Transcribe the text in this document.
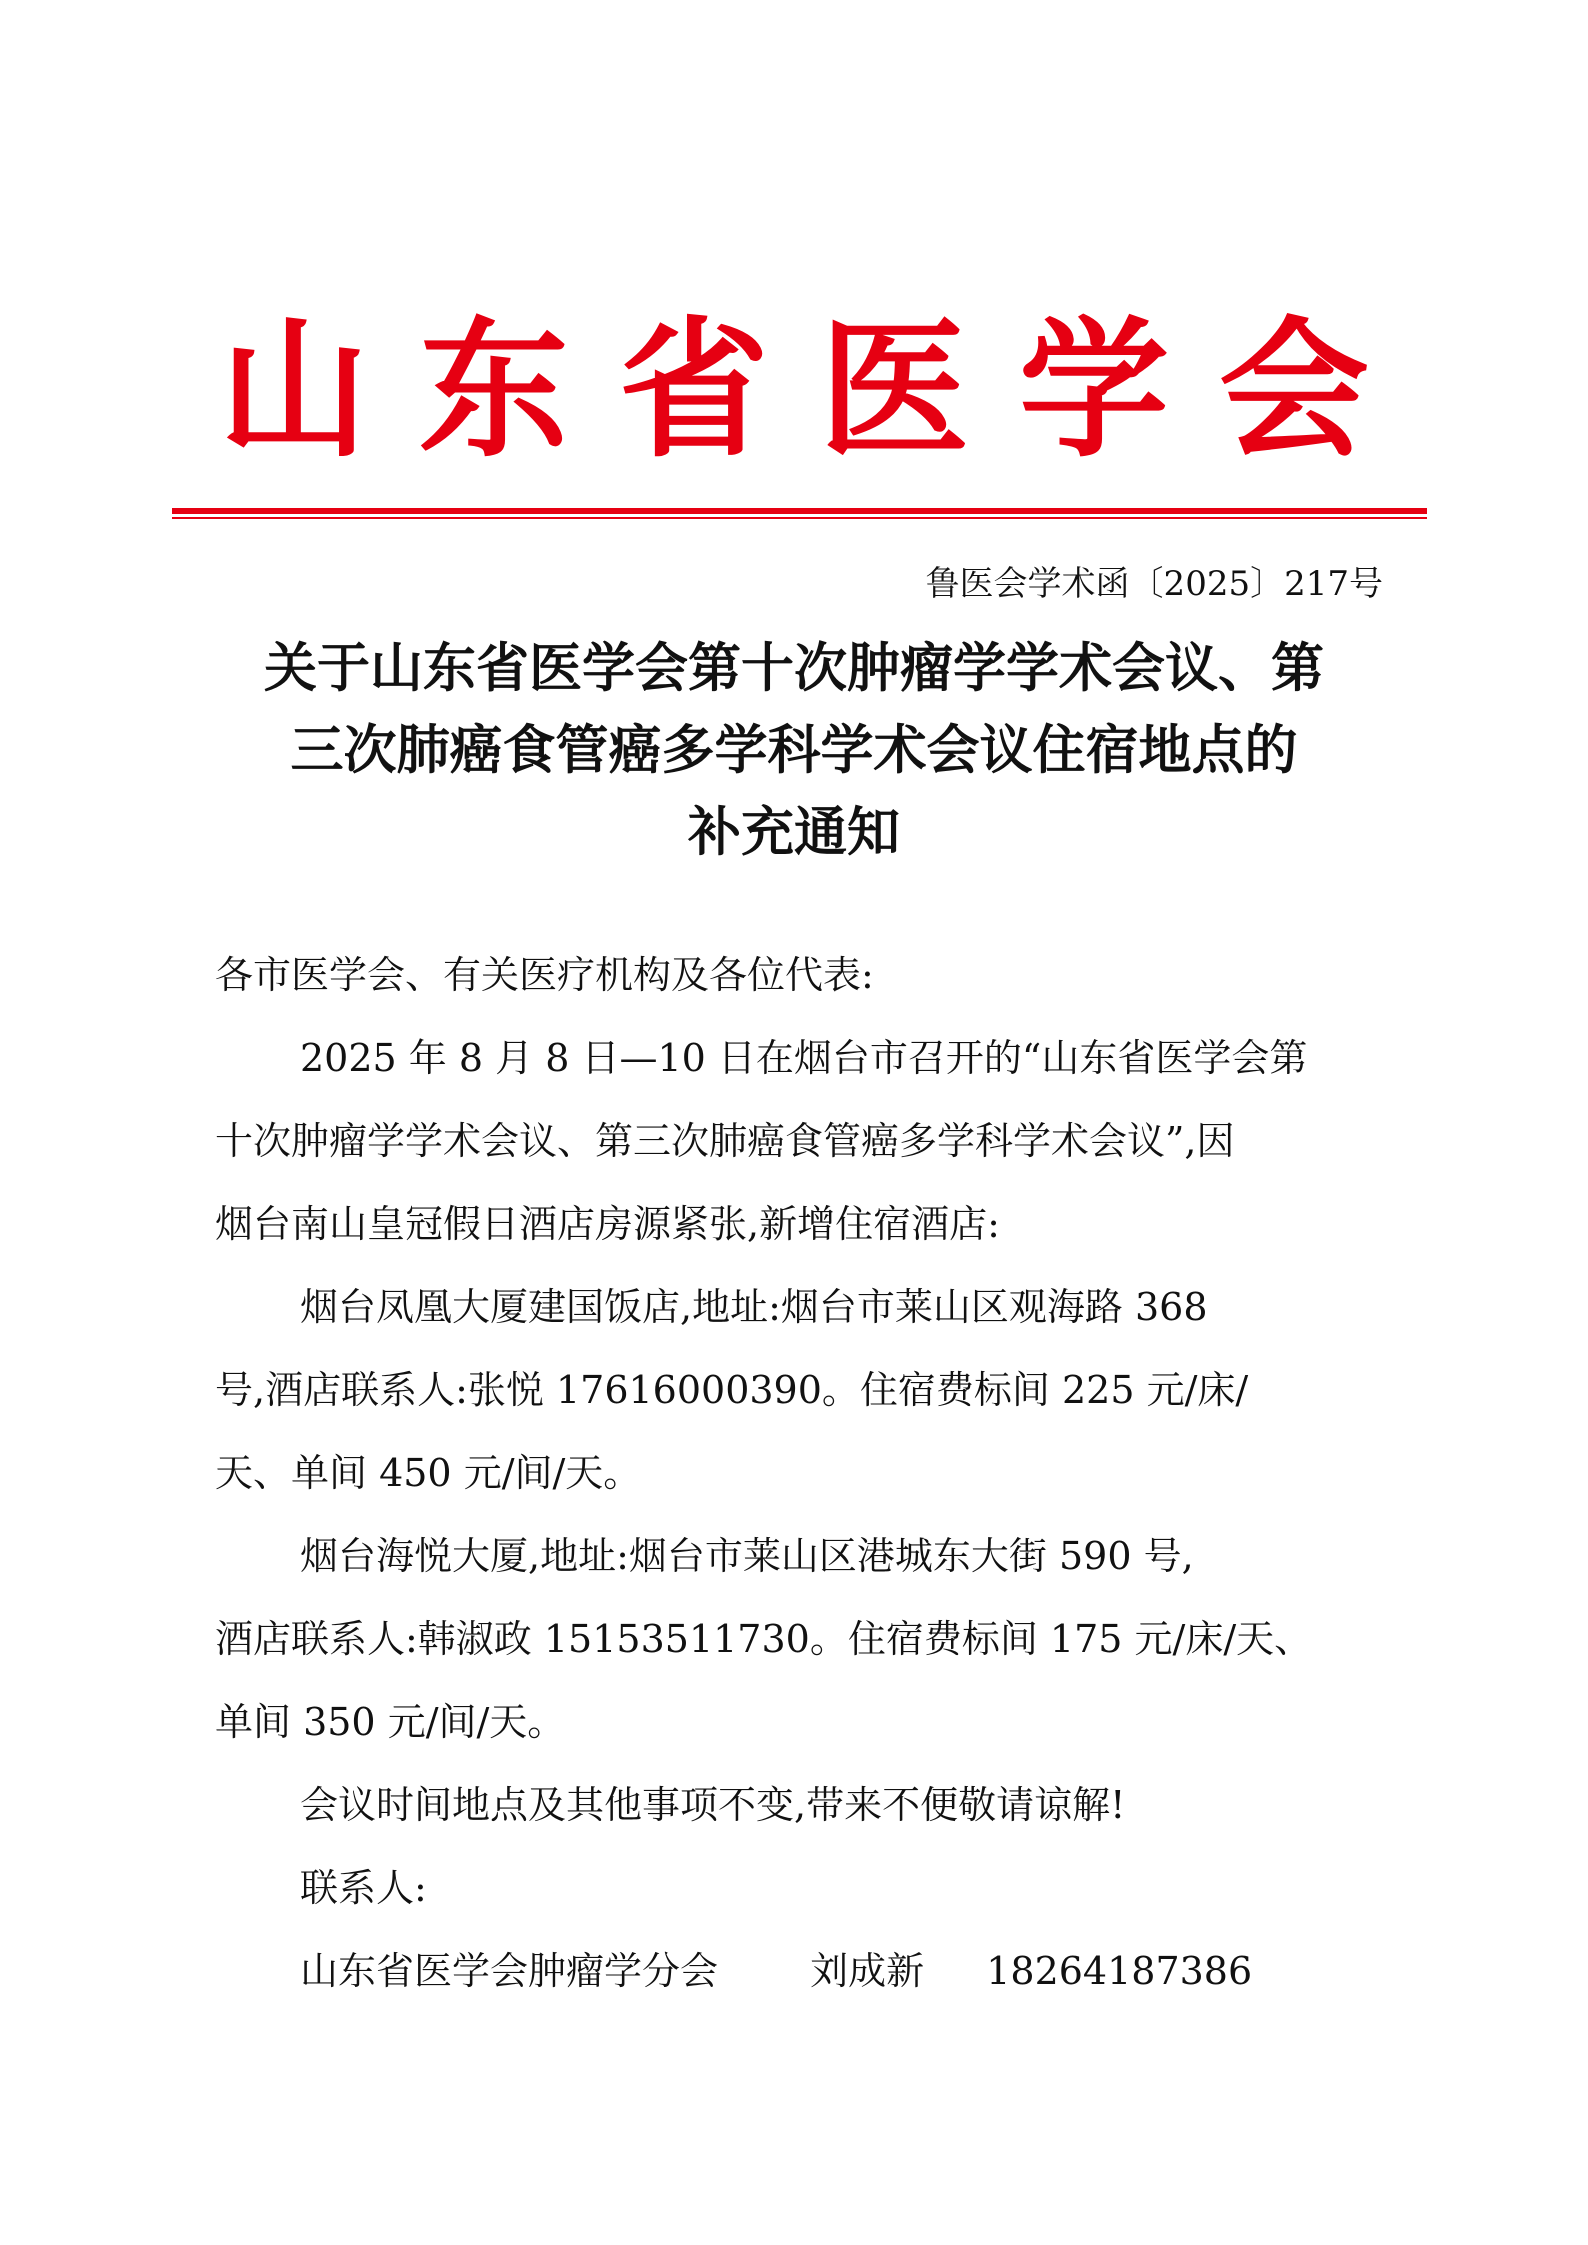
山东省医学会
鲁医会学术函〔2025〕217号
关于山东省医学会第十次肿瘤学学术会议、第
三次肺癌食管癌多学科学术会议住宿地点的
补充通知
各市医学会、有关医疗机构及各位代表:
2025 年 8 月 8 日—10 日在烟台市召开的“山东省医学会第
十次肿瘤学学术会议、第三次肺癌食管癌多学科学术会议”,因
烟台南山皇冠假日酒店房源紧张,新增住宿酒店:
烟台凤凰大厦建国饭店,地址:烟台市莱山区观海路 368
号,酒店联系人:张悦 17616000390。住宿费标间 225 元/床/
天、单间 450 元/间/天。
烟台海悦大厦,地址:烟台市莱山区港城东大街 590 号,
酒店联系人:韩淑政 15153511730。住宿费标间 175 元/床/天、
单间 350 元/间/天。
会议时间地点及其他事项不变,带来不便敬请谅解!
联系人:
山东省医学会肿瘤学分会 刘成新 18264187386
